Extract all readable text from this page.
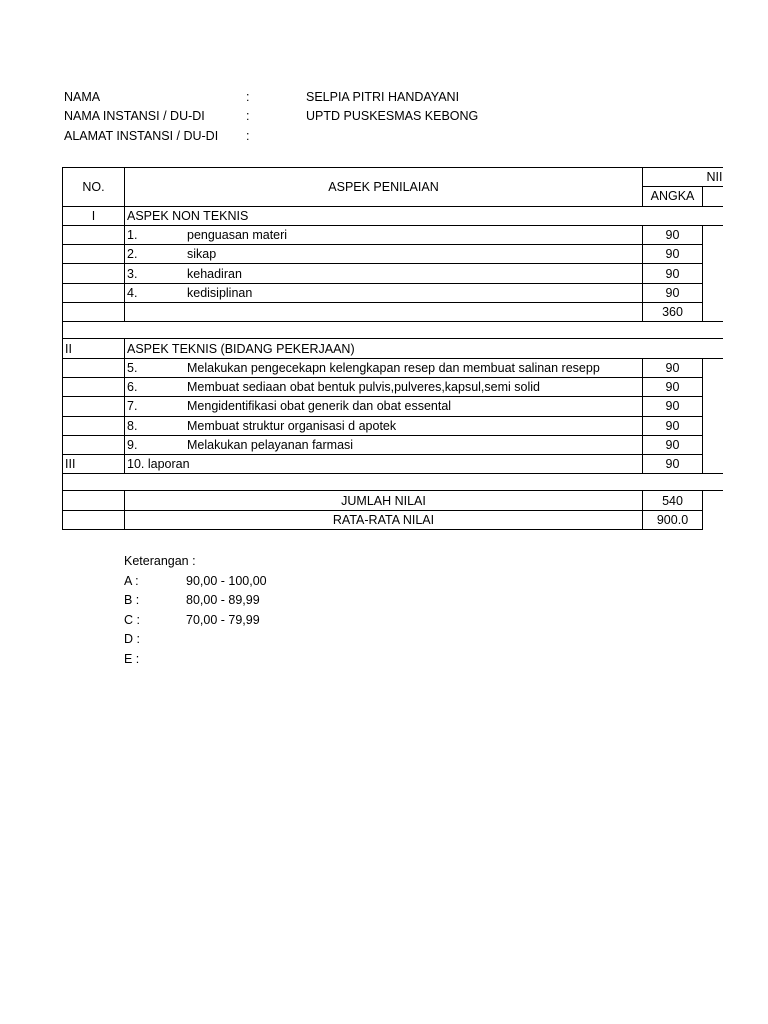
NAMA	:	SELPIA PITRI HANDAYANI
NAMA INSTANSI / DU-DI	:	UPTD PUSKESMAS KEBONG
ALAMAT INSTANSI / DU-DI :
NO.	ASPEK PENILAIAN	NII	
		ANGKA	
I	ASPEK NON TEKNIS		
	1. penguasan materi	90	
	2. sikap	90	
	3. kehadiran	90	
	4. kedisiplinan	90	
		360	

II	ASPEK TEKNIS (BIDANG PEKERJAAN)		
	5. Melakukan pengecekapn kelengkapan resep dan membuat salinan resepp	90	
	6. Membuat sediaan obat bentuk pulvis,pulveres,kapsul,semi solid	90	
	7. Mengidentifikasi obat generik dan obat essental	90	
	8. Membuat struktur organisasi d apotek	90	
	9. Melakukan pelayanan farmasi	90	
III	10. laporan	90	

	JUMLAH NILAI	540	
	RATA-RATA NILAI	900.0	
Keterangan :
A :	90,00 - 100,00
B :	80,00 - 89,99
C :	70,00 - 79,99
D :
E :
